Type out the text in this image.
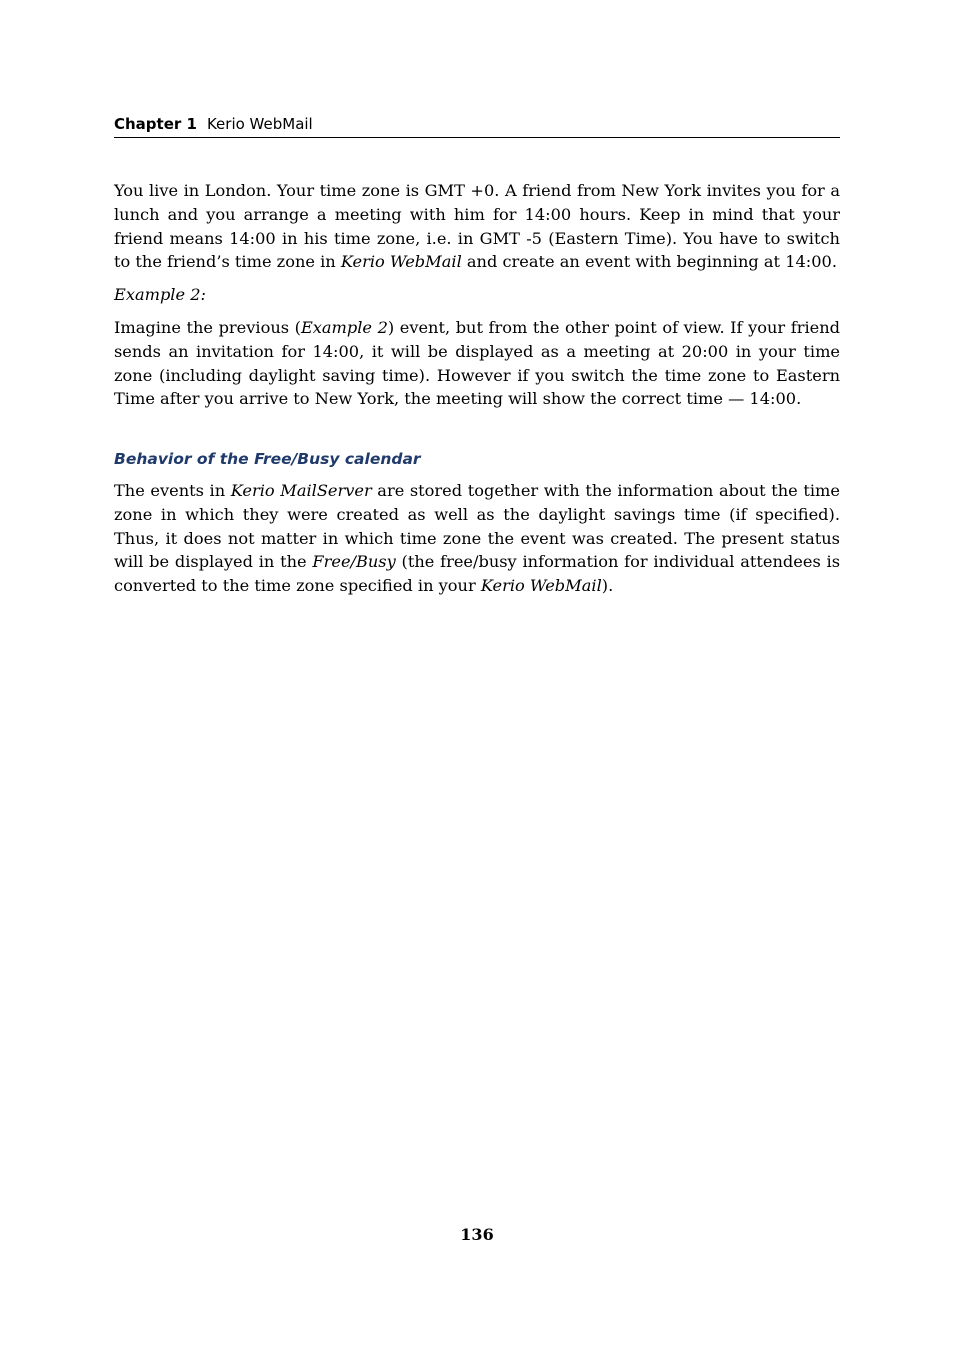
Chapter 1 Kerio WebMail

You live in London. Your time zone is GMT +0. A friend from New York invites you for a lunch and you arrange a meeting with him for 14:00 hours. Keep in mind that your friend means 14:00 in his time zone, i.e. in GMT -5 (Eastern Time). You have to switch to the friend’s time zone in Kerio WebMail and create an event with beginning at 14:00.

Example 2:

Imagine the previous (Example 2) event, but from the other point of view. If your friend sends an invitation for 14:00, it will be displayed as a meeting at 20:00 in your time zone (including daylight saving time). However if you switch the time zone to Eastern Time after you arrive to New York, the meeting will show the correct time — 14:00.

Behavior of the Free/Busy calendar

The events in Kerio MailServer are stored together with the information about the time zone in which they were created as well as the daylight savings time (if specified). Thus, it does not matter in which time zone the event was created. The present status will be displayed in the Free/Busy (the free/busy information for individual attendees is converted to the time zone specified in your Kerio WebMail).

136
